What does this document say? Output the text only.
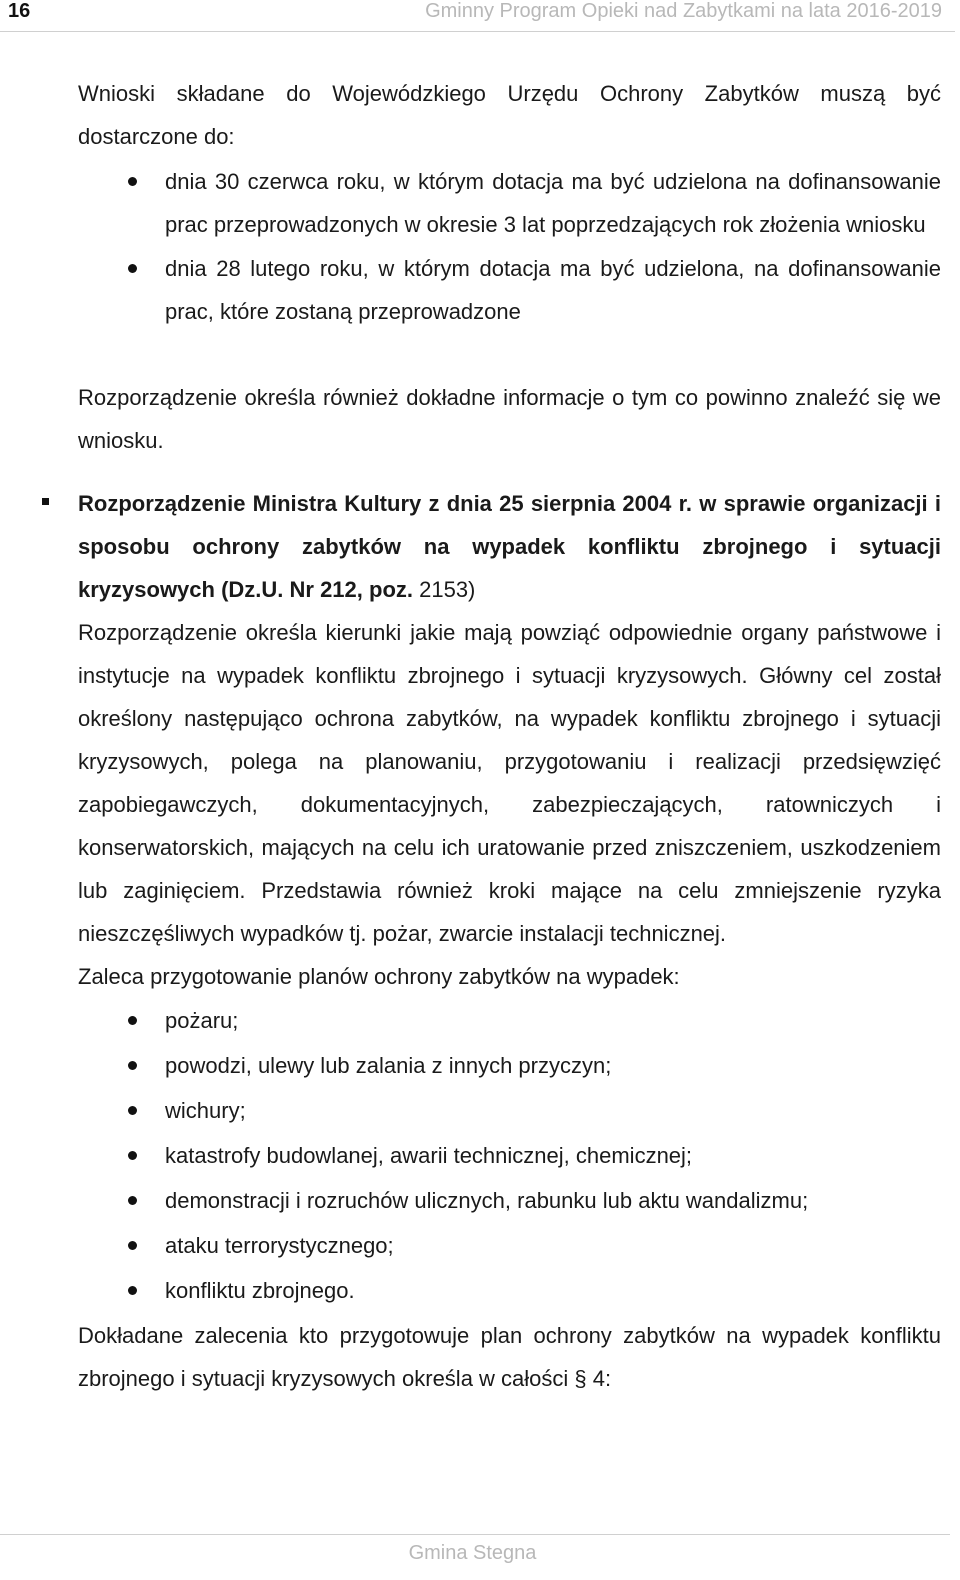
16	Gminny Program Opieki nad Zabytkami na lata 2016-2019

Wnioski składane do Wojewódzkiego Urzędu Ochrony Zabytków muszą być dostarczone do:

dnia 30 czerwca roku, w którym dotacja ma być udzielona na dofinansowanie prac przeprowadzonych w okresie 3 lat poprzedzających rok złożenia wniosku
dnia 28 lutego roku, w którym dotacja ma być udzielona, na dofinansowanie prac, które zostaną przeprowadzone

Rozporządzenie określa również dokładne informacje o tym co powinno znaleźć się we wniosku.

Rozporządzenie Ministra Kultury z dnia 25 sierpnia 2004 r. w sprawie organizacji i sposobu ochrony zabytków na wypadek konfliktu zbrojnego i sytuacji kryzysowych (Dz.U. Nr 212, poz. 2153)

Rozporządzenie określa kierunki jakie mają powziąć odpowiednie organy państwowe i instytucje na wypadek konfliktu zbrojnego i sytuacji kryzysowych. Główny cel został określony następująco ochrona zabytków, na wypadek konfliktu zbrojnego i sytuacji kryzysowych, polega na planowaniu, przygotowaniu i realizacji przedsięwzięć zapobiegawczych, dokumentacyjnych, zabezpieczających, ratowniczych i konserwatorskich, mających na celu ich uratowanie przed zniszczeniem, uszkodzeniem lub zaginięciem. Przedstawia również kroki mające na celu zmniejszenie ryzyka nieszczęśliwych wypadków tj. pożar, zwarcie instalacji technicznej.

Zaleca przygotowanie planów ochrony zabytków na wypadek:

pożaru;
powodzi, ulewy lub zalania z innych przyczyn;
wichury;
katastrofy budowlanej, awarii technicznej, chemicznej;
demonstracji i rozruchów ulicznych, rabunku lub aktu wandalizmu;
ataku terrorystycznego;
konfliktu zbrojnego.

Dokładane zalecenia kto przygotowuje plan ochrony zabytków na wypadek konfliktu zbrojnego i sytuacji kryzysowych określa w całości § 4:

Gmina Stegna
